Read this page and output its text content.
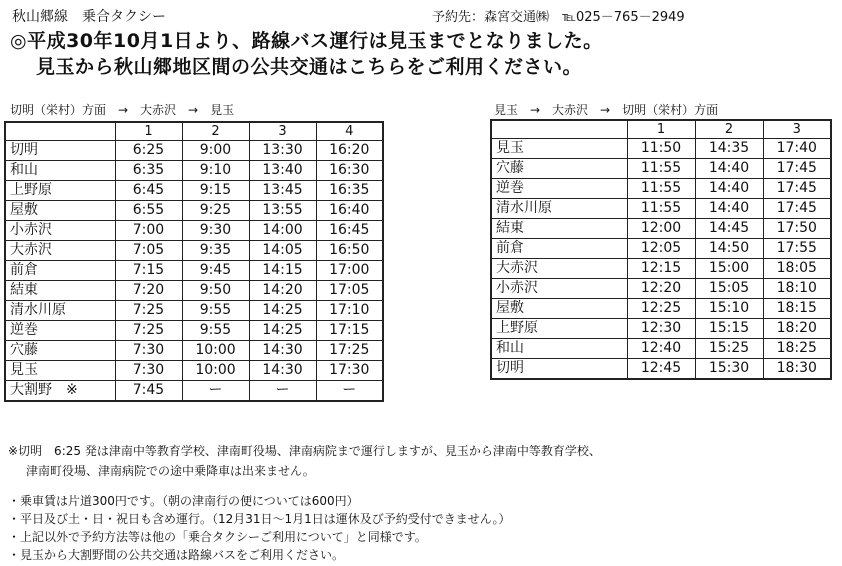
秋山郷線　乗合タクシー	予約先：森宮交通㈱　℡025－765－2949
◎平成30年10月1日より、路線バス運行は見玉までとなりました。
見玉から秋山郷地区間の公共交通はこちらをご利用ください。
切明（栄村）方面　→　大赤沢　→　見玉	見玉　→　大赤沢　→　切明（栄村）方面
	1	2	3	4
切明	6:25	9:00	13:30	16:20
和山	6:35	9:10	13:40	16:30
上野原	6:45	9:15	13:45	16:35
屋敷	6:55	9:25	13:55	16:40
小赤沢	7:00	9:30	14:00	16:45
大赤沢	7:05	9:35	14:05	16:50
前倉	7:15	9:45	14:15	17:00
結東	7:20	9:50	14:20	17:05
清水川原	7:25	9:55	14:25	17:10
逆巻	7:25	9:55	14:25	17:15
穴藤	7:30	10:00	14:30	17:25
見玉	7:30	10:00	14:30	17:30
大割野　※	7:45	ー	ー	ー
	1	2	3
見玉	11:50	14:35	17:40
穴藤	11:55	14:40	17:45
逆巻	11:55	14:40	17:45
清水川原	11:55	14:40	17:45
結東	12:00	14:45	17:50
前倉	12:05	14:50	17:55
大赤沢	12:15	15:00	18:05
小赤沢	12:20	15:05	18:10
屋敷	12:25	15:10	18:15
上野原	12:30	15:15	18:20
和山	12:40	15:25	18:25
切明	12:45	15:30	18:30
※切明　6:25 発は津南中等教育学校、津南町役場、津南病院まで運行しますが、見玉から津南中等教育学校、
津南町役場、津南病院での途中乗降車は出来ません。
・乗車賃は片道300円です。（朝の津南行の便については600円）
・平日及び土・日・祝日も含め運行。（12月31日～1月1日は運休及び予約受付できません。）
・上記以外で予約方法等は他の「乗合タクシーご利用について」と同様です。
・見玉から大割野間の公共交通は路線バスをご利用ください。
